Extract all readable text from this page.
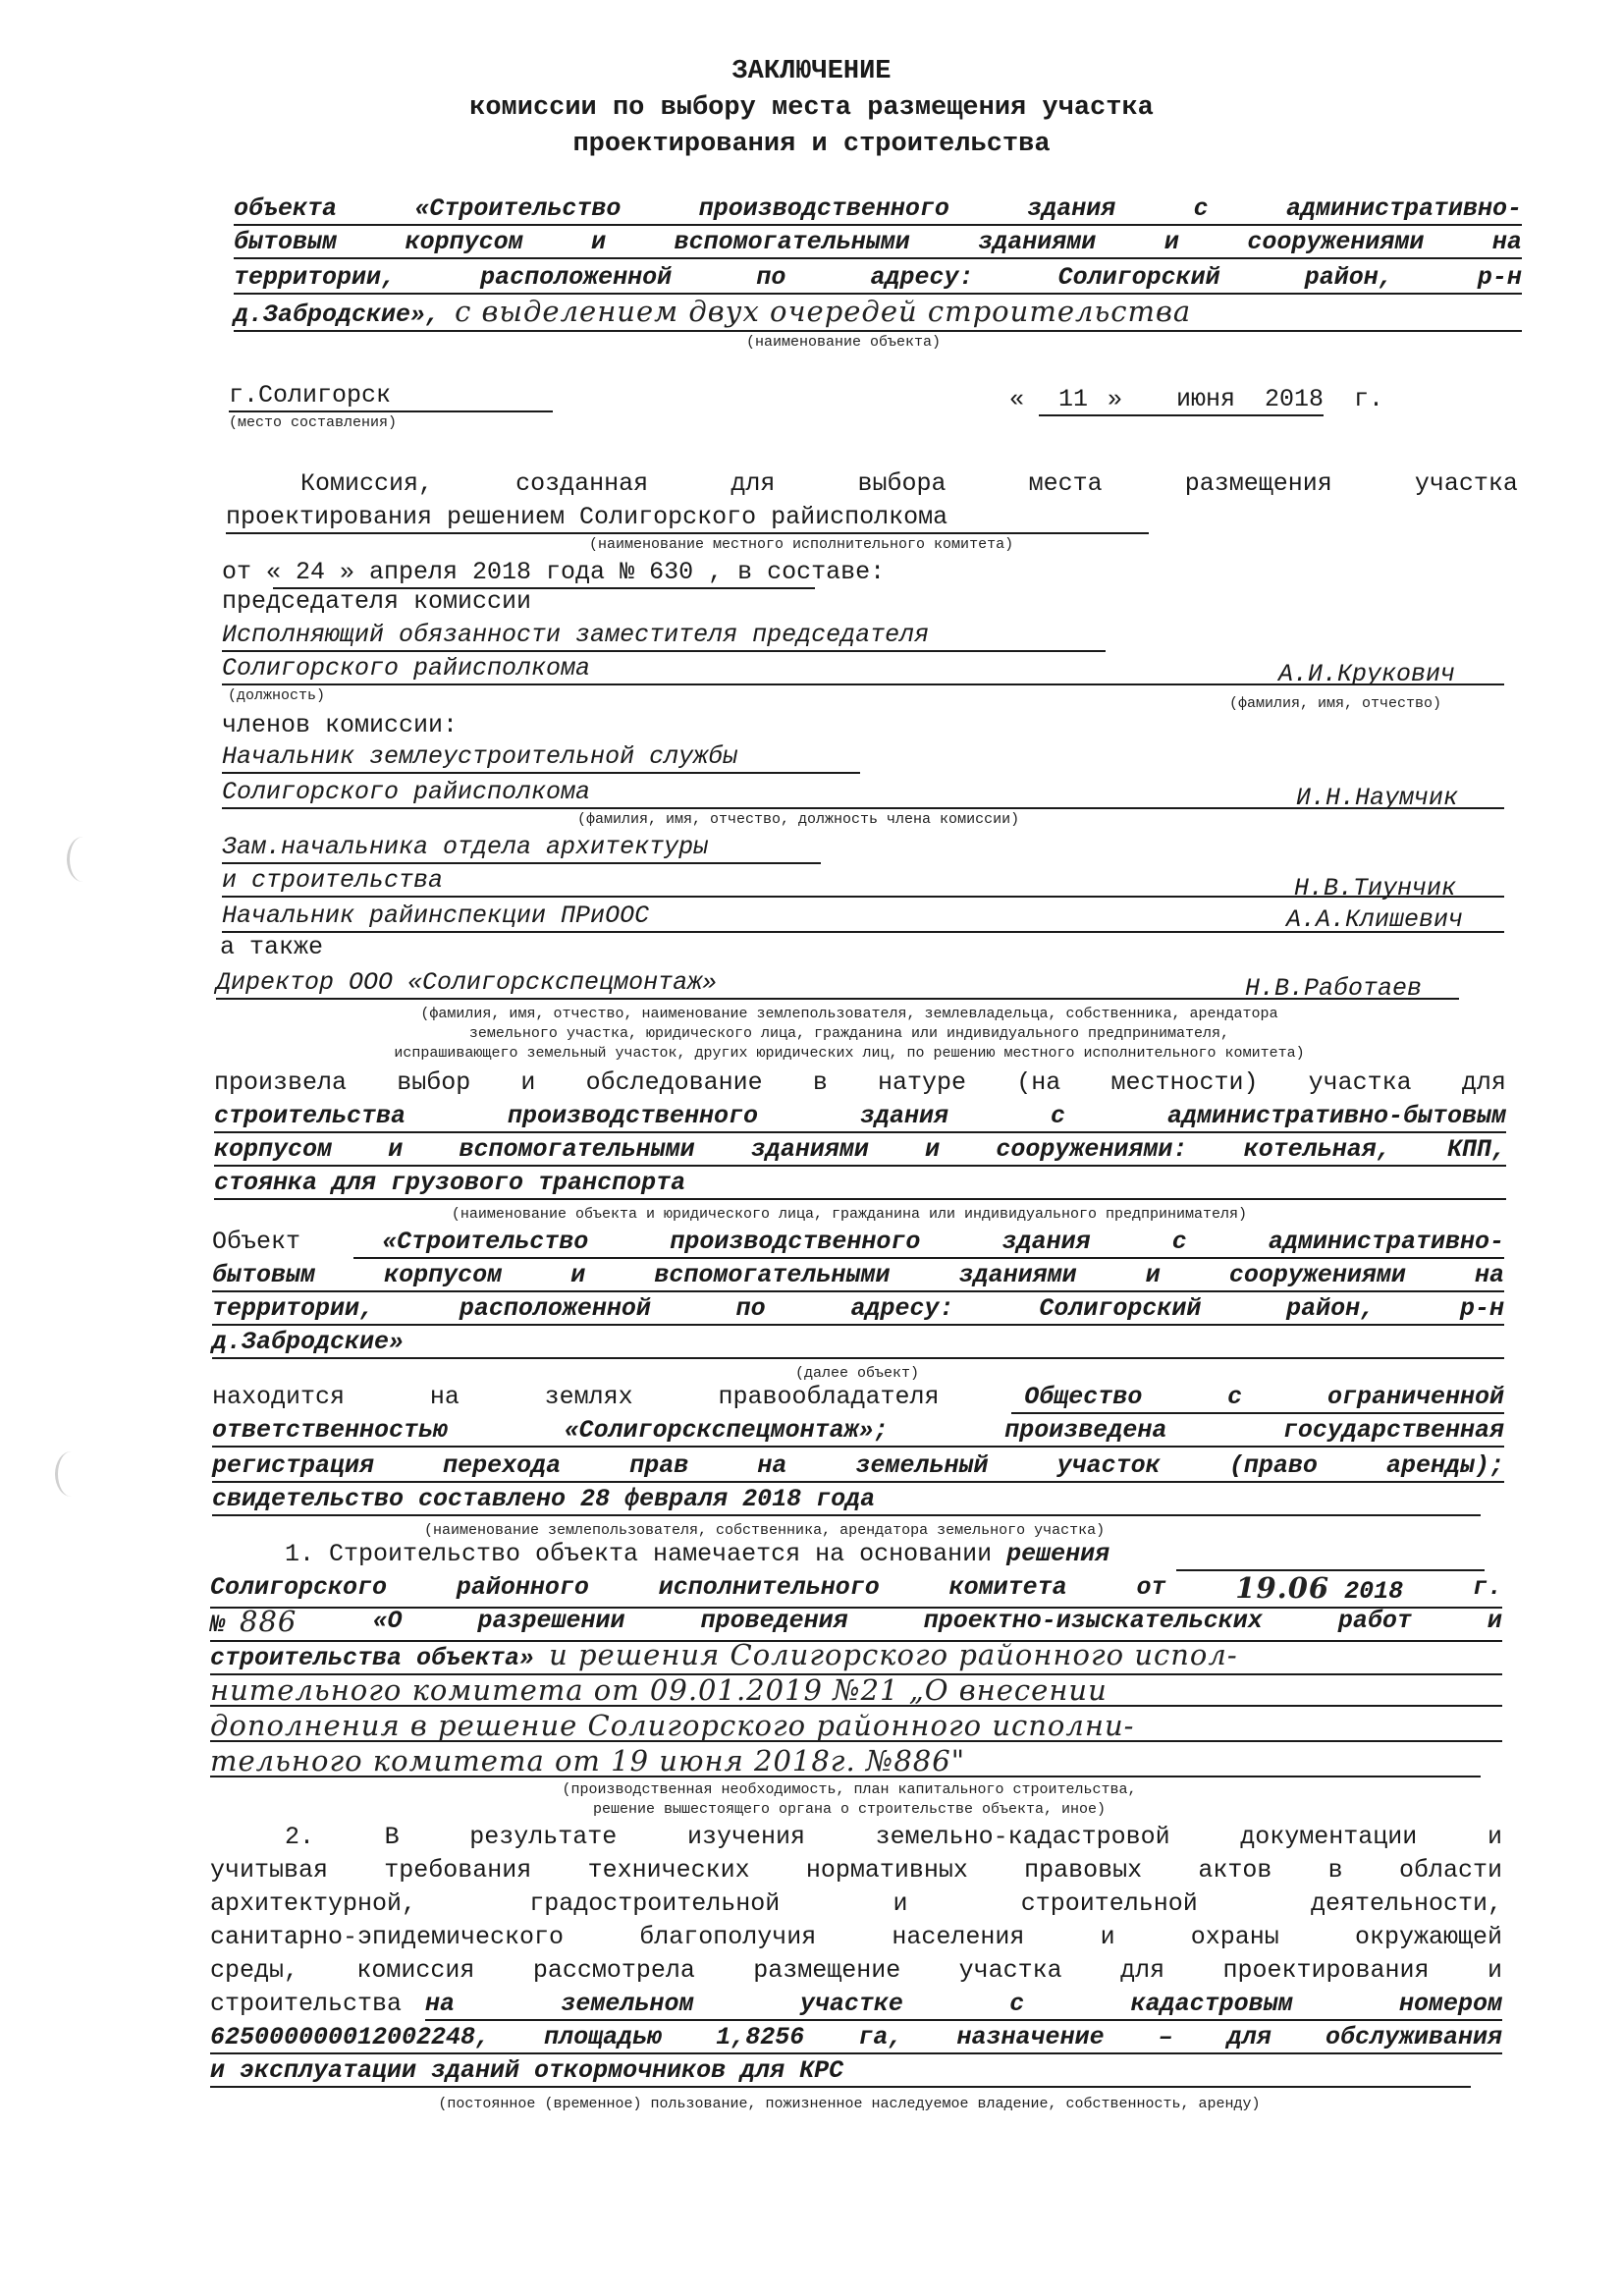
ЗАКЛЮЧЕНИЕ
комиссии по выбору места размещения участка
проектирования и строительства
объекта	«Строительство	производственного	здания	с	административно-
бытовым	корпусом	и	вспомогательными	зданиями	и	сооружениями	на
территории,	расположенной	по	адресу:	Солигорский	район,	р-н
д.Забродские», с выделением двух очередей строительства
(наименование объекта)
г.Солигорск
(место составления)
« 11 » июня 2018 г.
Комиссия,	созданная	для	выбора	места	размещения	участка
проектирования решением Солигорского райисполкома
(наименование местного исполнительного комитета)
от « 24 » апреля 2018 года № 630 , в составе:
председателя комиссии
Исполняющий обязанности заместителя председателя
Солигорского райисполкома	А.И.Крукович
(должность)	(фамилия, имя, отчество)
членов комиссии:
Начальник землеустроительной службы
Солигорского райисполкома	И.Н.Наумчик
(фамилия, имя, отчество, должность члена комиссии)
Зам.начальника отдела архитектуры
и строительства	Н.В.Тиунчик
Начальник райинспекции ПРиООС	А.А.Клишевич
а также
Директор ООО «Солигорскспецмонтаж»	Н.В.Работаев
(фамилия, имя, отчество, наименование землепользователя, землевладельца, собственника, арендатора
земельного участка, юридического лица, гражданина или индивидуального предпринимателя,
испрашивающего земельный участок, других юридических лиц, по решению местного исполнительного комитета)
произвела выбор и обследование в натуре (на местности) участка для
строительства	производственного	здания	с	административно-бытовым
корпусом и вспомогательными зданиями и сооружениями: котельная, КПП,
стоянка для грузового транспорта
(наименование объекта и юридического лица, гражданина или индивидуального предпринимателя)
Объект	«Строительство	производственного	здания	с	административно-
бытовым	корпусом	и	вспомогательными	зданиями	и	сооружениями	на
территории,	расположенной	по	адресу:	Солигорский	район,	р-н
д.Забродские»
(далее объект)
находится	на	землях	правообладателя	Общество	с	ограниченной
ответственностью	«Солигорскспецмонтаж»;	произведена	государственная
регистрация	перехода	прав	на	земельный	участок	(право	аренды);
свидетельство составлено 28 февраля 2018 года
(наименование землепользователя, собственника, арендатора земельного участка)
1. Строительство объекта намечается на основании решения
Солигорского	районного	исполнительного	комитета	от 19.06 2018	г.
№ 886	«О	разрешении	проведения	проектно-изыскательских	работ	и
строительства объекта» и решения Солигорского районного испол-
нительного комитета от 09.01.2019 №21 „О внесении
дополнения в решение Солигорского районного исполни-
тельного комитета от 19 июня 2018г. №886"
(производственная необходимость, план капитального строительства,
решение вышестоящего органа о строительстве объекта, иное)
2.	В	результате	изучения	земельно-кадастровой	документации	и
учитывая требования технических нормативных правовых актов в области
архитектурной,	градостроительной	и	строительной	деятельности,
санитарно-эпидемического	благополучия	населения	и	охраны	окружающей
среды, комиссия рассмотрела размещение участка для проектирования и
строительства на	земельном	участке	с	кадастровым	номером
625000000012002248, площадью 1,8256 га, назначение – для обслуживания
и эксплуатации зданий откормочников для КРС
(постоянное (временное) пользование, пожизненное наследуемое владение, собственность, аренду)
